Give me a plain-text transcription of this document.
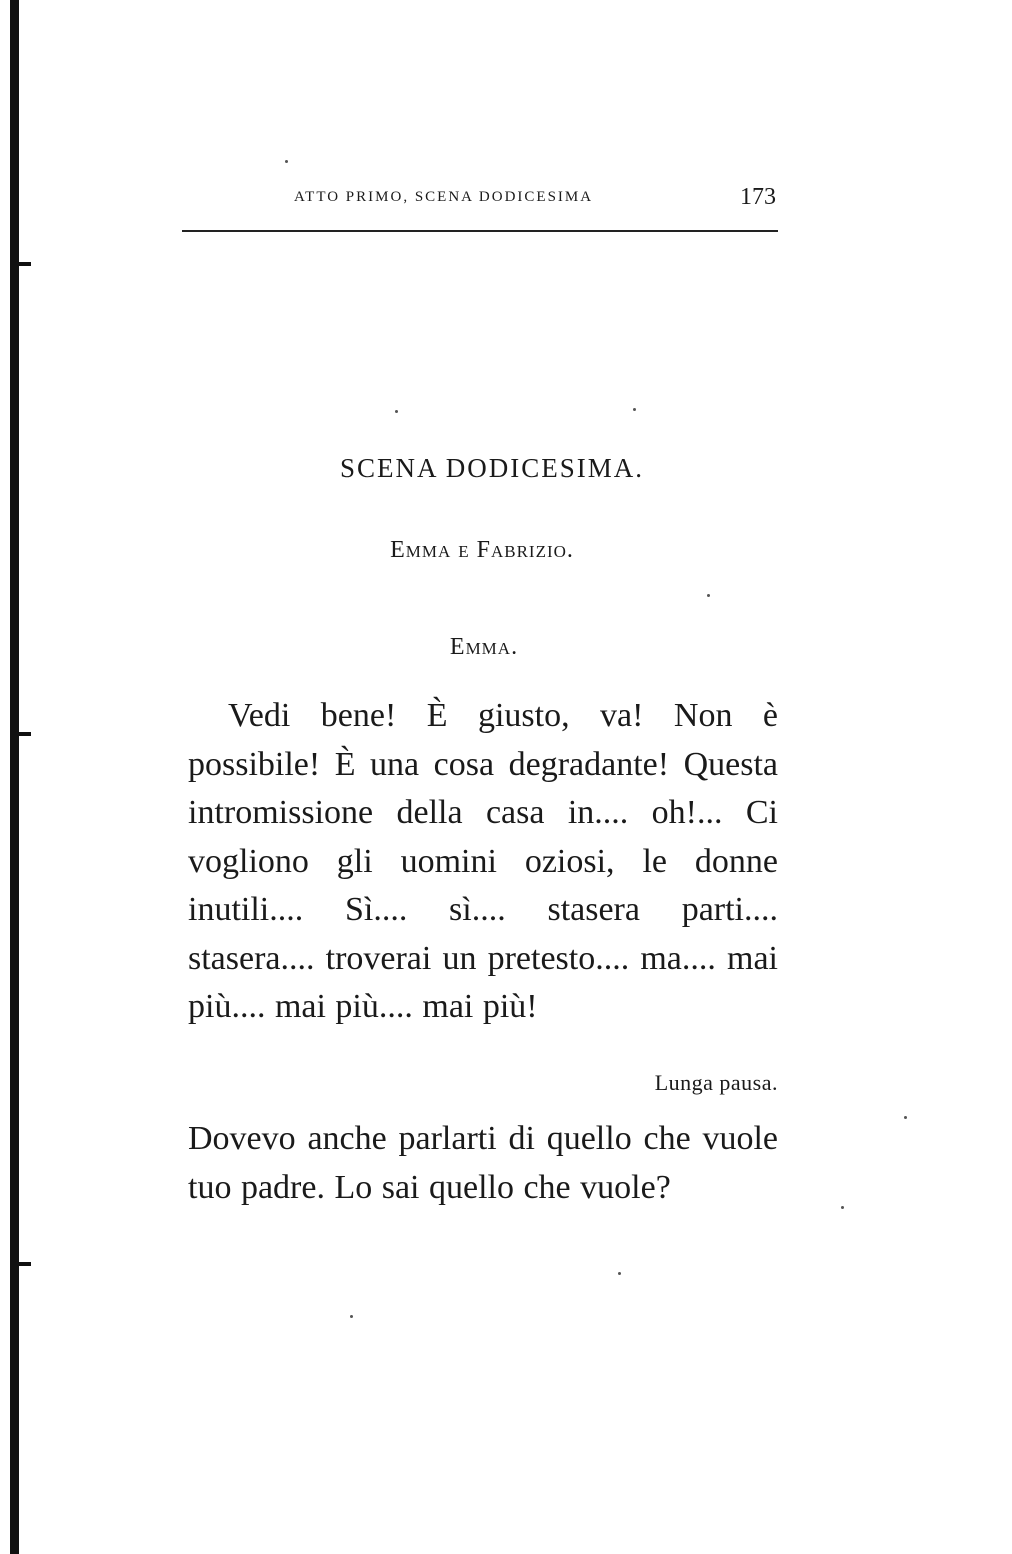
ATTO PRIMO, SCENA DODICESIMA	173
SCENA DODICESIMA.
Emma e Fabrizio.
Emma.

Vedi bene! È giusto, va! Non è possibile! È una cosa degradante! Questa intromissione della casa in.... oh!... Ci vogliono gli uomini oziosi, le donne inutili.... Sì.... sì.... stasera parti.... stasera.... troverai un pretesto.... ma.... mai più.... mai più.... mai più!

Lunga pausa.

Dovevo anche parlarti di quello che vuole tuo padre. Lo sai quello che vuole?
